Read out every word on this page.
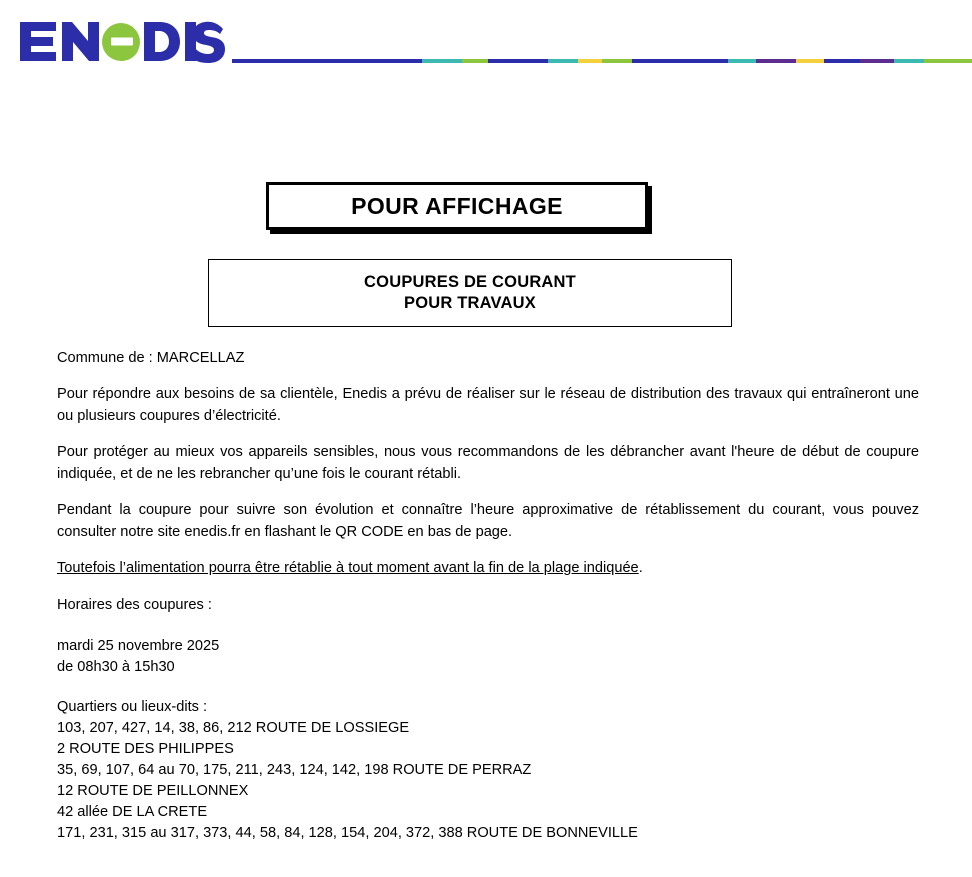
POUR AFFICHAGE
COUPURES DE COURANT
POUR TRAVAUX

Commune de : MARCELLAZ

Pour répondre aux besoins de sa clientèle, Enedis a prévu de réaliser sur le réseau de distribution des travaux qui entraîneront une ou plusieurs coupures d’électricité.

Pour protéger au mieux vos appareils sensibles, nous vous recommandons de les débrancher avant l'heure de début de coupure indiquée, et de ne les rebrancher qu’une fois le courant rétabli.

Pendant la coupure pour suivre son évolution et connaître l’heure approximative de rétablissement du courant, vous pouvez consulter notre site enedis.fr en flashant le QR CODE en bas de page.

Toutefois l’alimentation pourra être rétablie à tout moment avant la fin de la plage indiquée.

Horaires des coupures :

mardi 25 novembre 2025
de 08h30 à 15h30
Quartiers ou lieux-dits :
103, 207, 427, 14, 38, 86, 212 ROUTE DE LOSSIEGE
2 ROUTE DES PHILIPPES
35, 69, 107, 64 au 70, 175, 211, 243, 124, 142, 198 ROUTE DE PERRAZ
12 ROUTE DE PEILLONNEX
42 allée DE LA CRETE
171, 231, 315 au 317, 373, 44, 58, 84, 128, 154, 204, 372, 388 ROUTE DE BONNEVILLE
